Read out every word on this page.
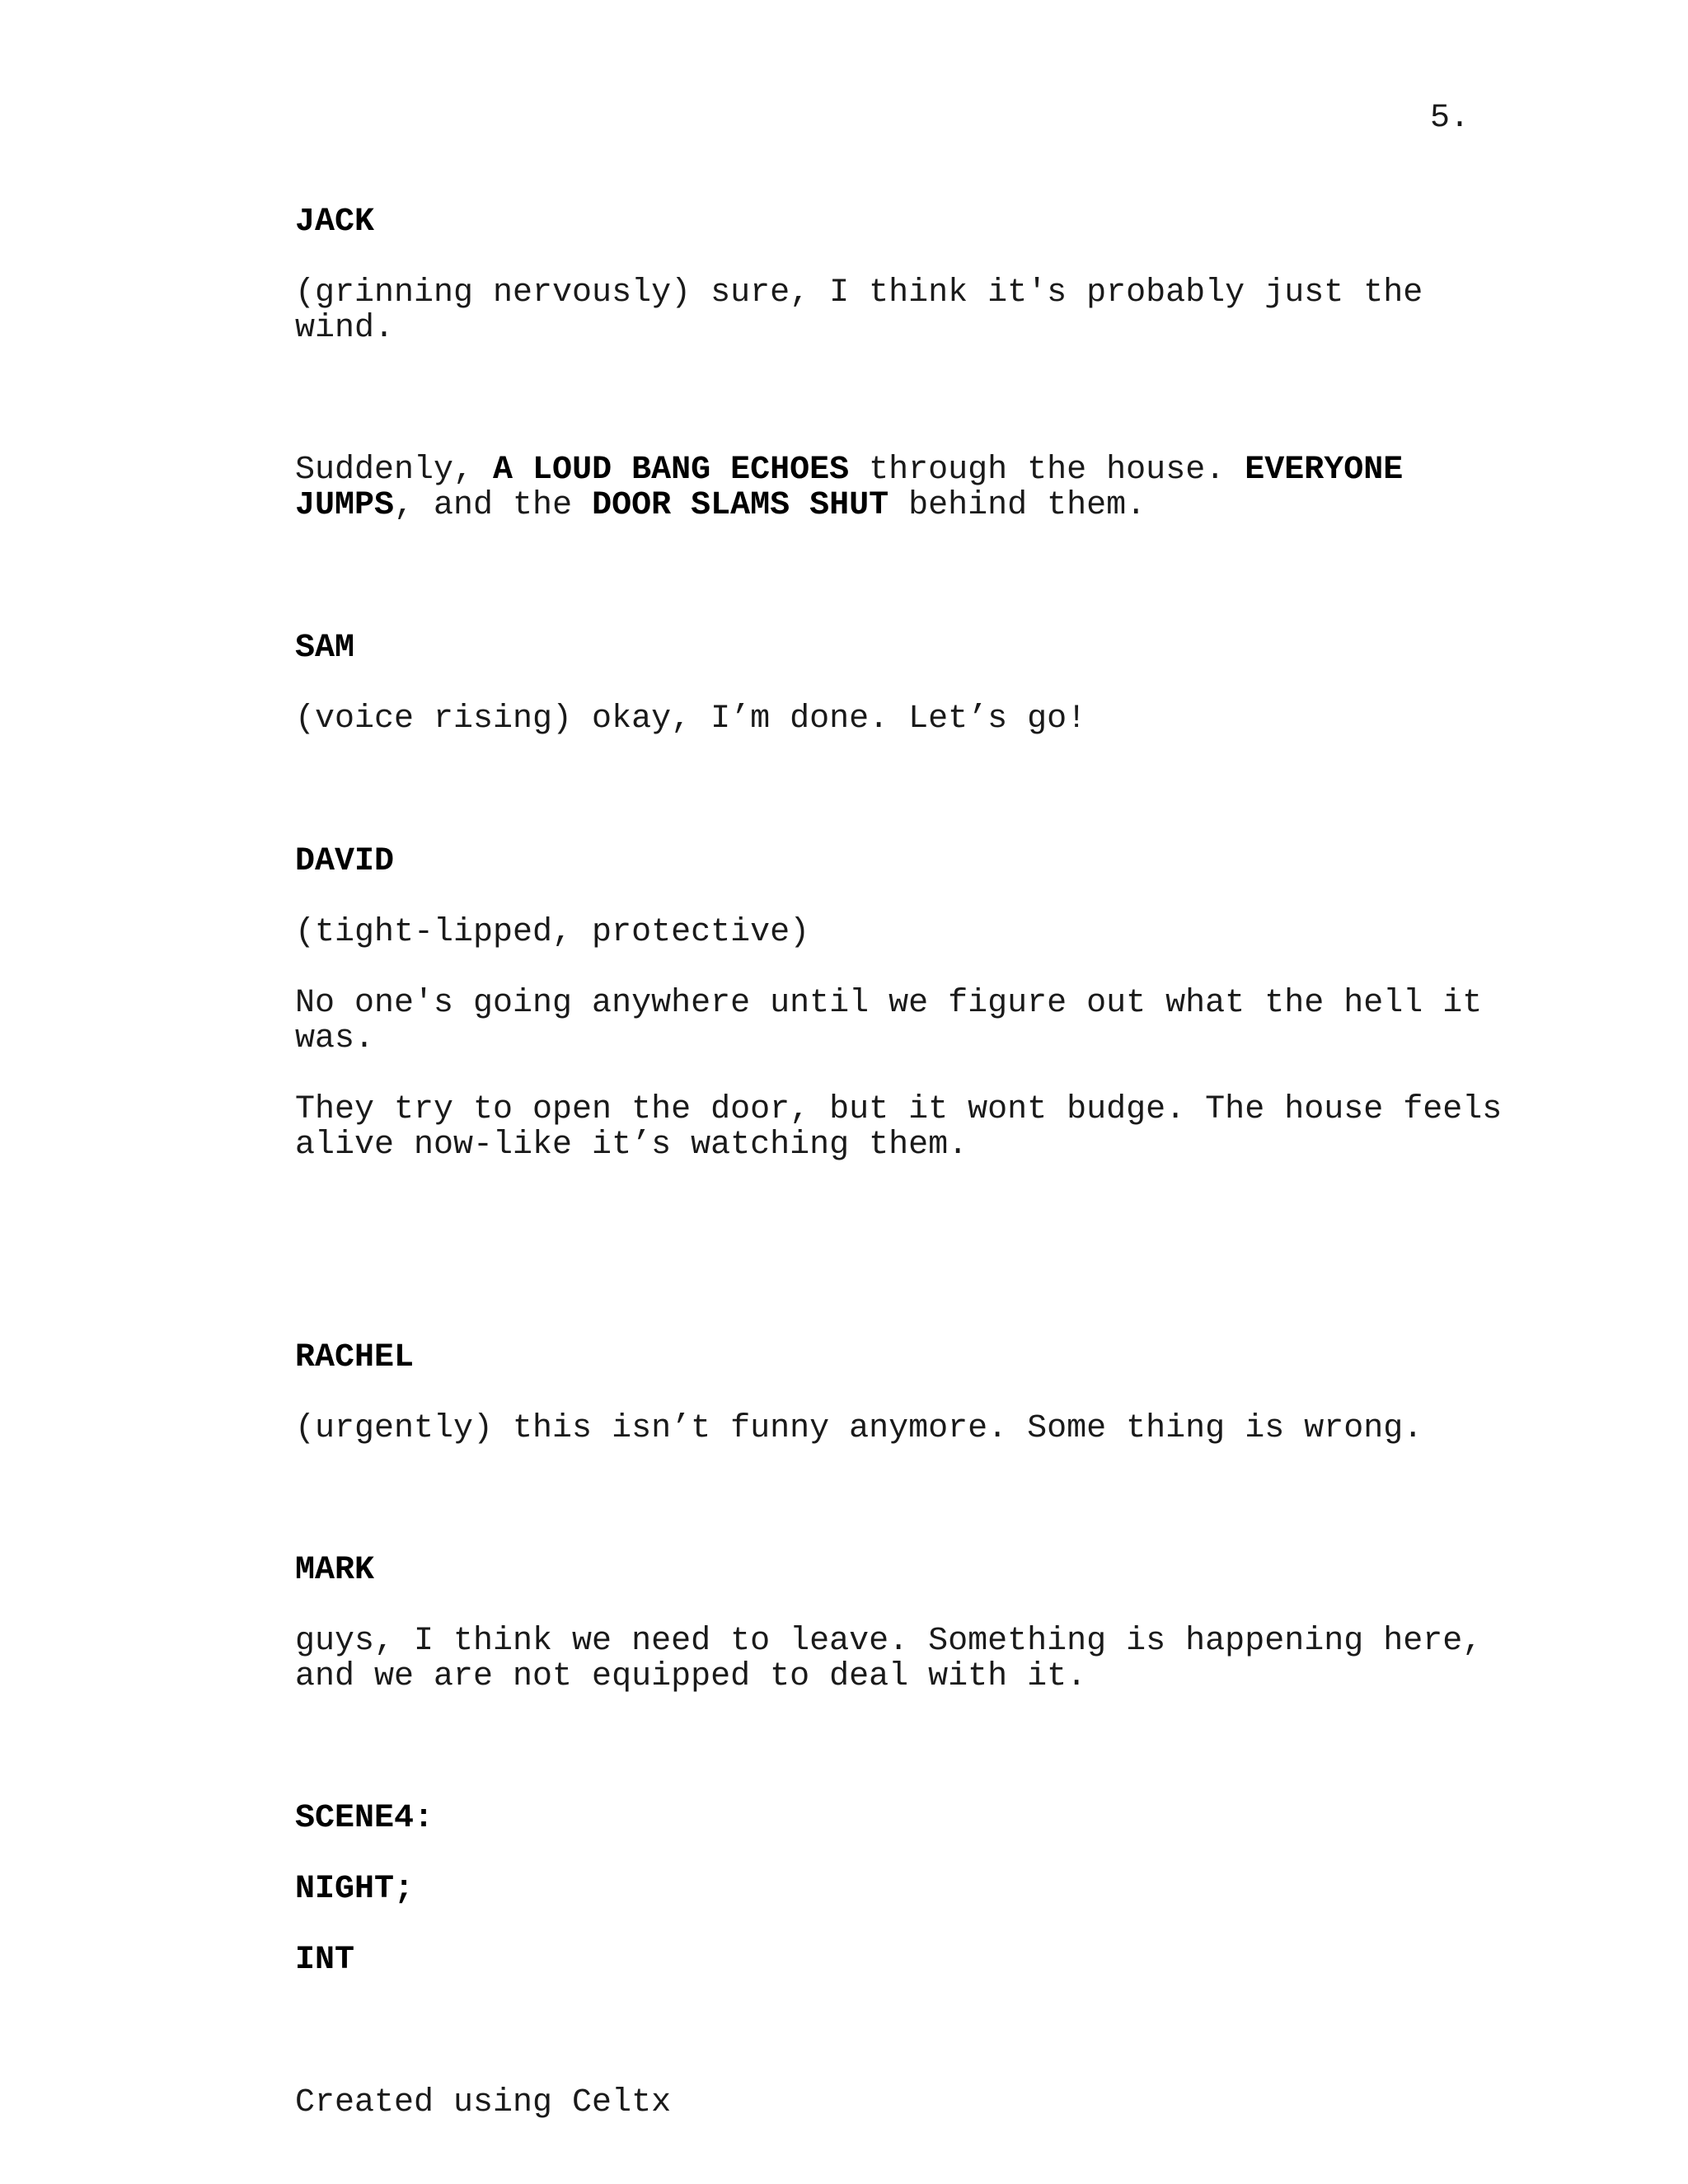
5.
JACK
(grinning nervously) sure, I think it's probably just the
wind.
Suddenly, A LOUD BANG ECHOES through the house. EVERYONE
JUMPS, and the DOOR SLAMS SHUT behind them.
SAM
(voice rising) okay, I’m done. Let’s go!
DAVID
(tight-lipped, protective)
No one's going anywhere until we figure out what the hell it
was.
They try to open the door, but it wont budge. The house feels
alive now-like it’s watching them.
RACHEL
(urgently) this isn’t funny anymore. Some thing is wrong.
MARK
guys, I think we need to leave. Something is happening here,
and we are not equipped to deal with it.
SCENE4:
NIGHT;
INT
Created using Celtx
